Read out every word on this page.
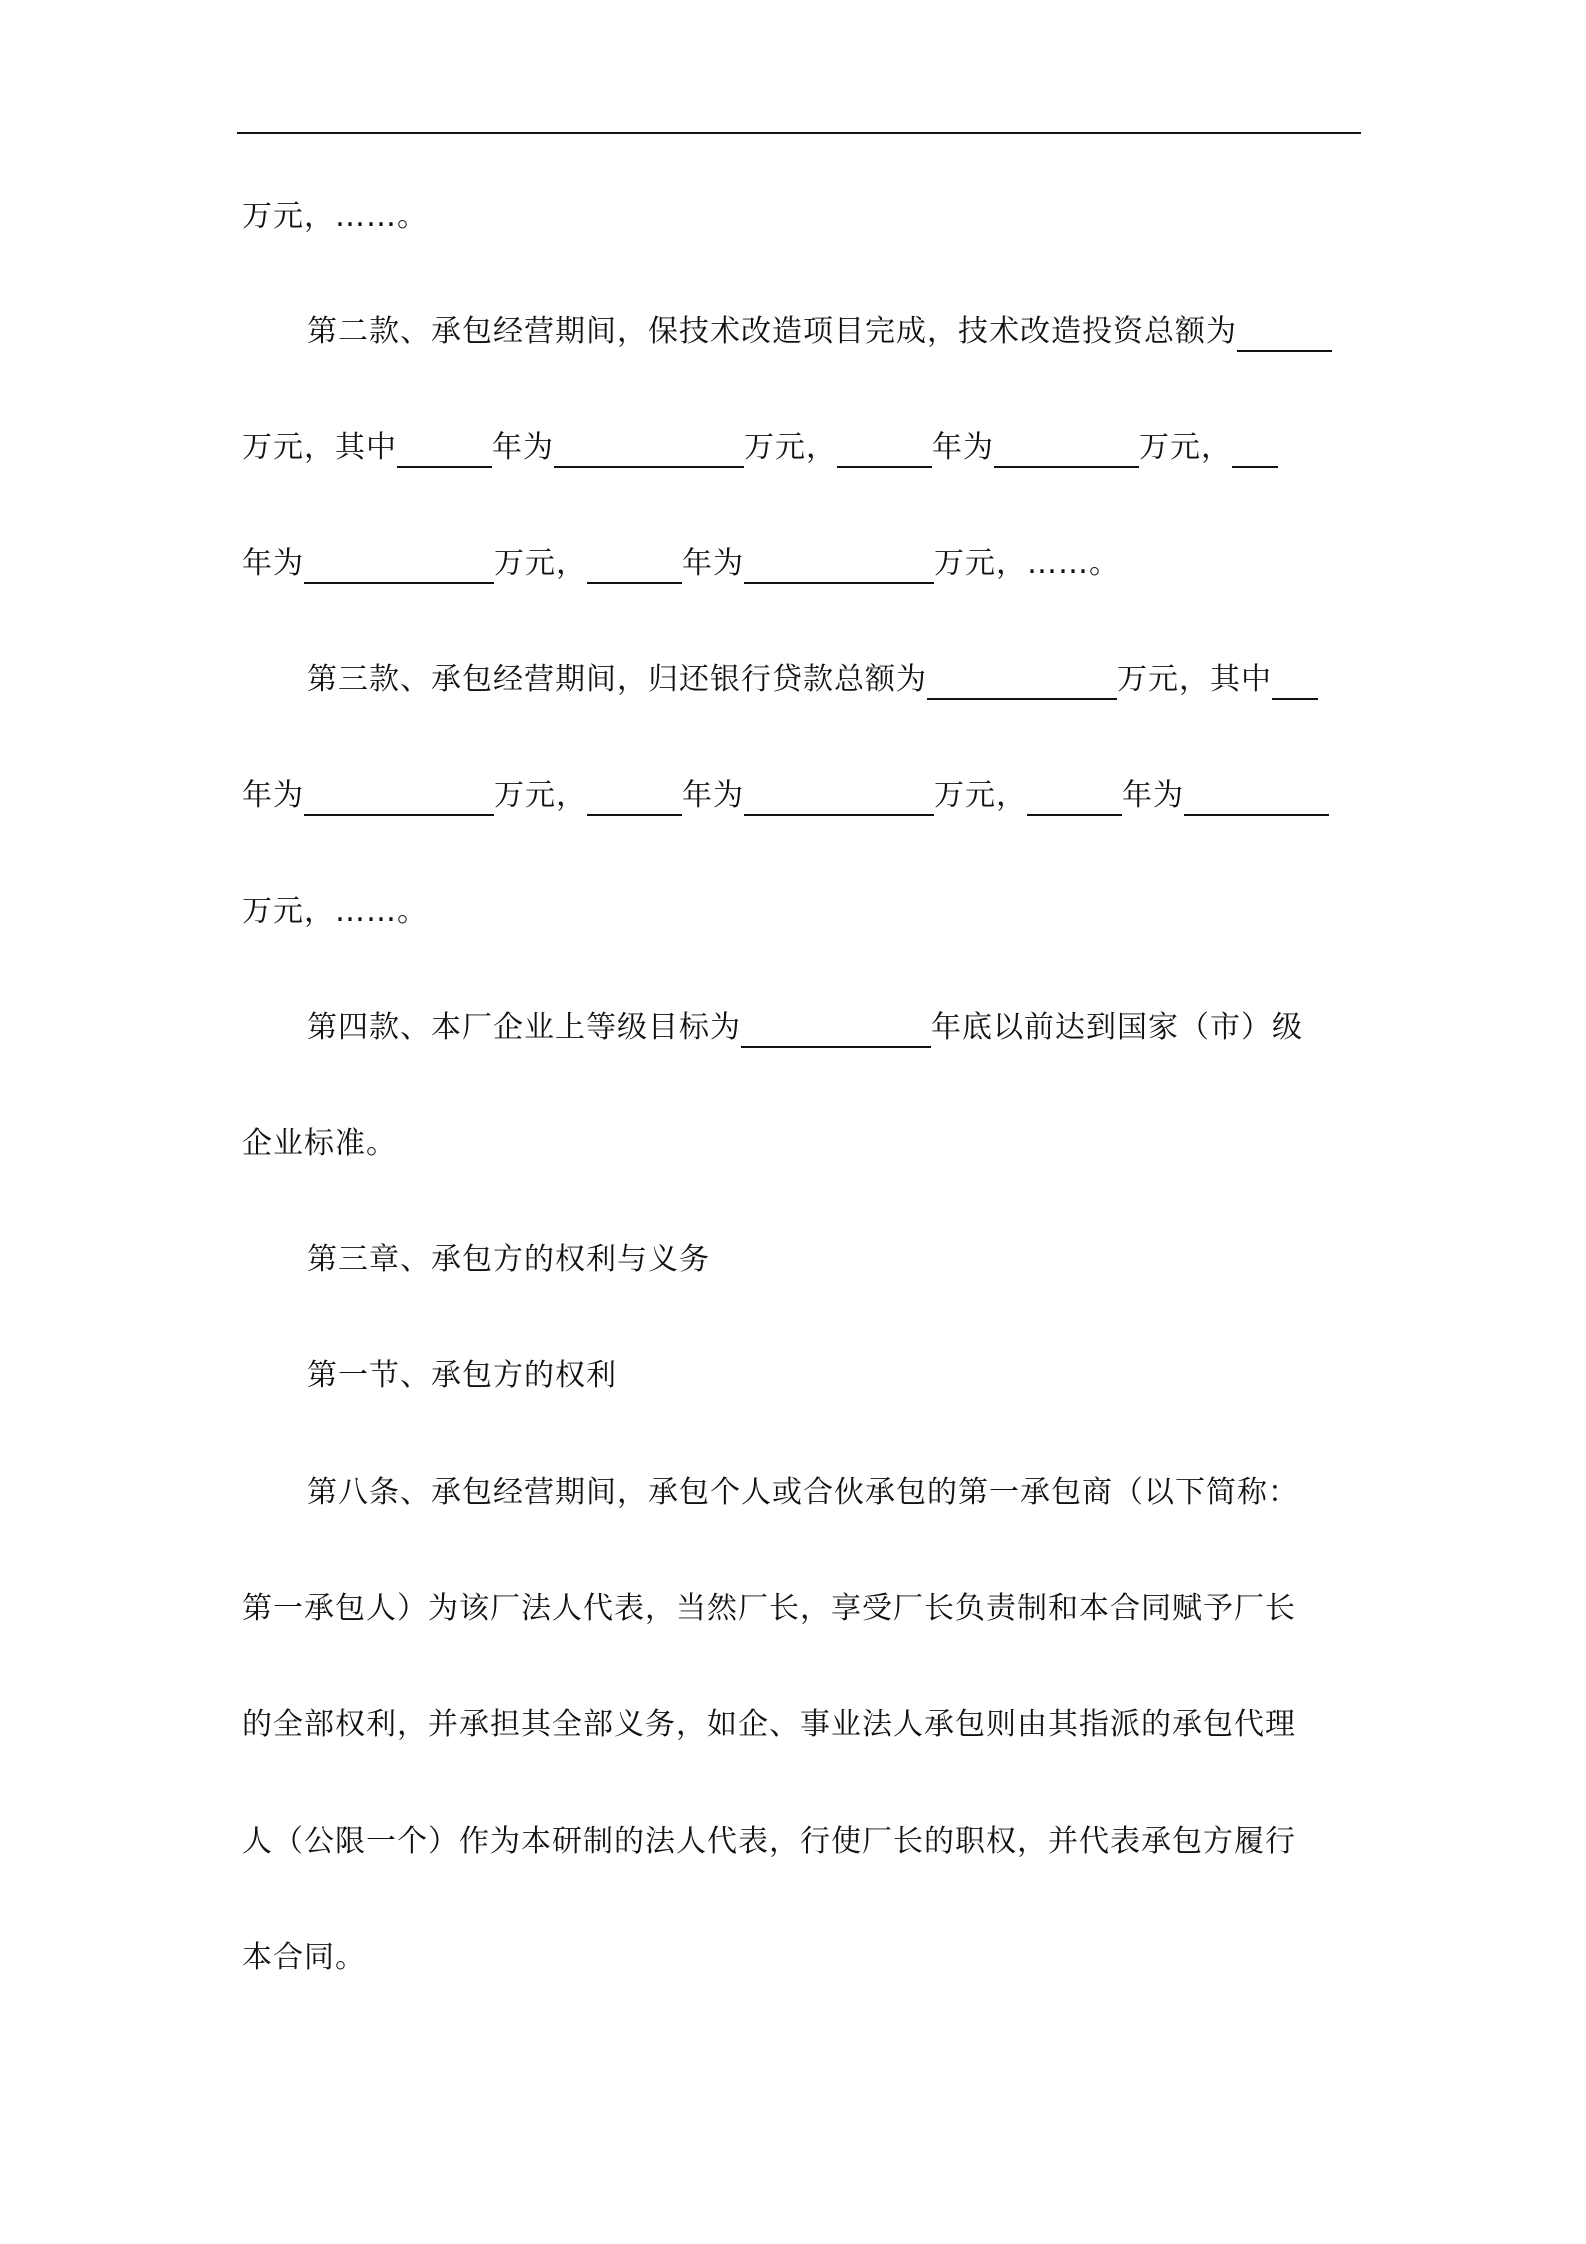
万元，……。
第二款、承包经营期间，保技术改造项目完成，技术改造投资总额为
万元，其中	年为	万元，	年为	万元，
年为	万元，	年为	万元，……。
第三款、承包经营期间，归还银行贷款总额为	万元，其中
年为	万元，	年为	万元，	年为
万元，……。
第四款、本厂企业上等级目标为	年底以前达到国家（市）级
企业标准。
第三章、承包方的权利与义务
第一节、承包方的权利
第八条、承包经营期间，承包个人或合伙承包的第一承包商（以下简称：
第一承包人）为该厂法人代表，当然厂长，享受厂长负责制和本合同赋予厂长
的全部权利，并承担其全部义务，如企、事业法人承包则由其指派的承包代理
人（公限一个）作为本研制的法人代表，行使厂长的职权，并代表承包方履行
本合同。
